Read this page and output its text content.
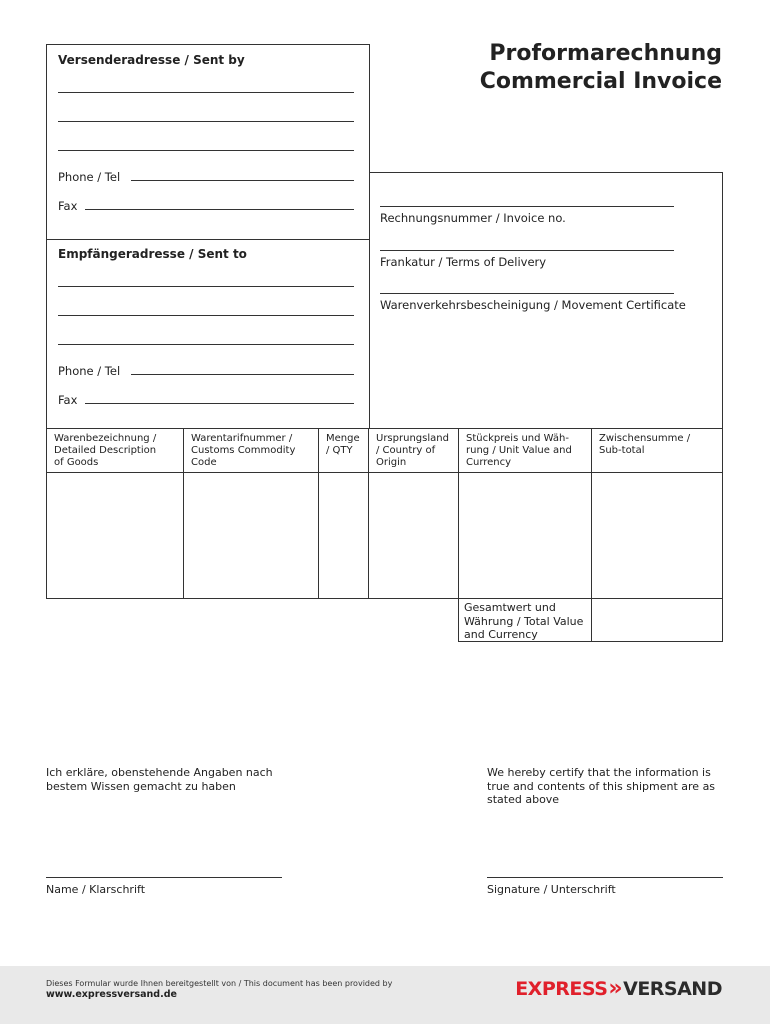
Proformarechnung
Commercial Invoice
Versenderadresse / Sent by
Phone / Tel
Fax
Empfängeradresse / Sent to
Phone / Tel
Fax
Rechnungsnummer / Invoice no.
Frankatur / Terms of Delivery
Warenverkehrsbescheinigung / Movement Certificate
Warenbezeichnung /
Detailed Description
of Goods
Warentarifnummer /
Customs Commodity
Code
Menge
/ QTY
Ursprungsland
/ Country of
Origin
Stückpreis und Wäh-
rung / Unit Value and
Currency
Zwischensumme /
Sub-total
Gesamtwert und
Währung / Total Value
and Currency
Ich erkläre, obenstehende Angaben nach
bestem Wissen gemacht zu haben
We hereby certify that the information is
true and contents of this shipment are as
stated above
Name / Klarschrift	Signature / Unterschrift
Dieses Formular wurde Ihnen bereitgestellt von / This document has been provided by
www.expressversand.de	EXPRESS»VERSAND
